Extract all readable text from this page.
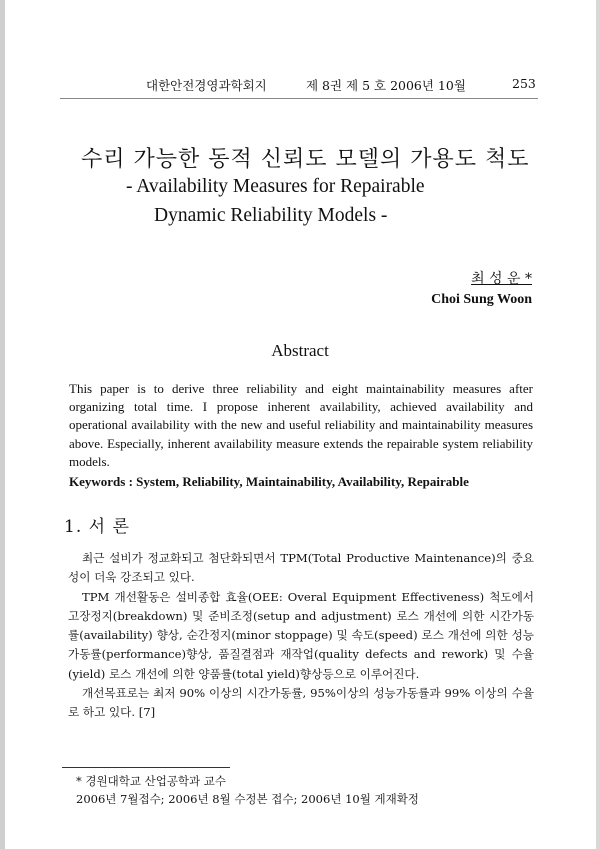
대한안전경영과학회지	제 8권 제 5 호 2006년 10월	253
수리 가능한 동적 신뢰도 모델의 가용도 척도
- Availability Measures for Repairable
Dynamic Reliability Models -
최 성 운 *
Choi Sung Woon
Abstract
This paper is to derive three reliability and eight maintainability measures after organizing total time. I propose inherent availability, achieved availability and operational availability with the new and useful reliability and maintainability measures above. Especially, inherent availability measure extends the repairable system reliability models.
Keywords : System, Reliability, Maintainability, Availability, Repairable
1. 서 론

최근 설비가 정교화되고 첨단화되면서 TPM(Total Productive Maintenance)의 중요성이 더욱 강조되고 있다.

TPM 개선활동은 설비종합 효율(OEE: Overal Equipment Effectiveness) 척도에서 고장정지(breakdown) 및 준비조정(setup and adjustment) 로스 개선에 의한 시간가동률(availability) 향상, 순간정지(minor stoppage) 및 속도(speed) 로스 개선에 의한 성능가동률(performance)향상, 품질결점과 재작업(quality defects and rework) 및 수율(yield) 로스 개선에 의한 양품률(total yield)향상등으로 이루어진다.

개선목표로는 최저 90% 이상의 시간가동률, 95%이상의 성능가동률과 99% 이상의 수율로 하고 있다. [7]

* 경원대학교 산업공학과 교수
2006년 7월접수; 2006년 8월 수정본 접수; 2006년 10월 게재확정
